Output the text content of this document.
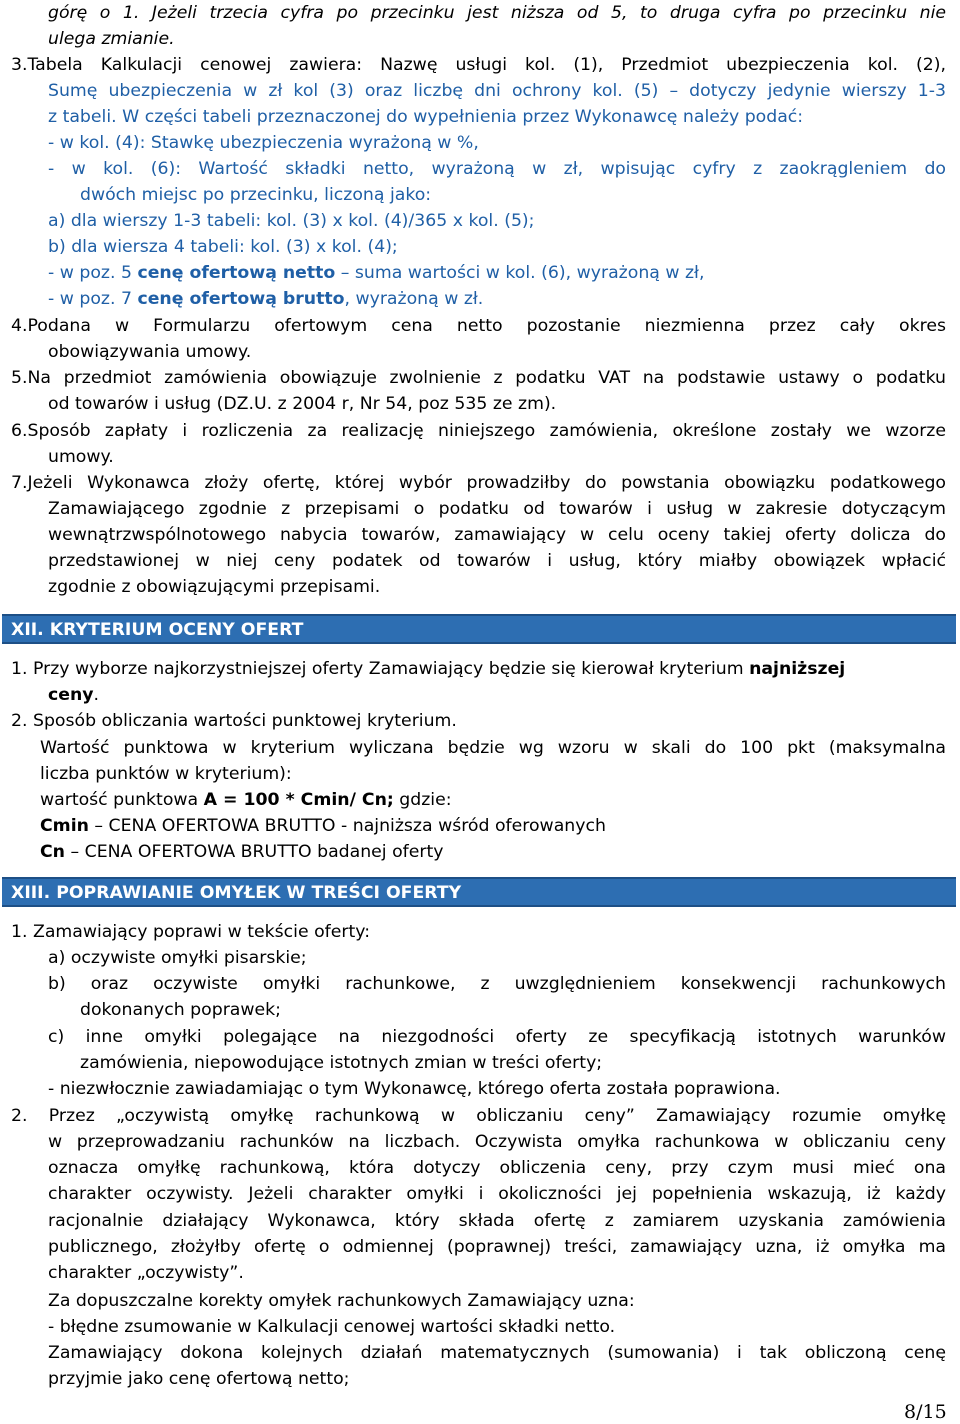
górę o 1. Jeżeli trzecia cyfra po przecinku jest niższa od 5, to druga cyfra po przecinku nie
ulega zmianie.
3.Tabela Kalkulacji cenowej zawiera: Nazwę usługi kol. (1), Przedmiot ubezpieczenia kol. (2),
Sumę ubezpieczenia w zł kol (3) oraz liczbę dni ochrony kol. (5) – dotyczy jedynie wierszy 1-3
z tabeli. W części tabeli przeznaczonej do wypełnienia przez Wykonawcę należy podać:
- w kol. (4): Stawkę ubezpieczenia wyrażoną w %,
- w kol. (6): Wartość składki netto, wyrażoną w zł, wpisując cyfry z zaokrągleniem do
dwóch miejsc po przecinku, liczoną jako:
a) dla wierszy 1-3 tabeli: kol. (3) x kol. (4)/365 x kol. (5);
b) dla wiersza 4 tabeli: kol. (3) x kol. (4);
- w poz. 5 cenę ofertową netto – suma wartości w kol. (6), wyrażoną w zł,
- w poz. 7 cenę ofertową brutto, wyrażoną w zł.
4.Podana w Formularzu ofertowym cena netto pozostanie niezmienna przez cały okres
obowiązywania umowy.
5.Na przedmiot zamówienia obowiązuje zwolnienie z podatku VAT na podstawie ustawy o podatku
od towarów i usług (DZ.U. z 2004 r, Nr 54, poz 535 ze zm).
6.Sposób zapłaty i rozliczenia za realizację niniejszego zamówienia, określone zostały we wzorze
umowy.
7.Jeżeli Wykonawca złoży ofertę, której wybór prowadziłby do powstania obowiązku podatkowego
Zamawiającego zgodnie z przepisami o podatku od towarów i usług w zakresie dotyczącym
wewnątrzwspólnotowego nabycia towarów, zamawiający w celu oceny takiej oferty dolicza do
przedstawionej w niej ceny podatek od towarów i usług, który miałby obowiązek wpłacić
zgodnie z obowiązującymi przepisami.
XII. KRYTERIUM OCENY OFERT
1. Przy wyborze najkorzystniejszej oferty Zamawiający będzie się kierował kryterium najniższej
ceny.
2. Sposób obliczania wartości punktowej kryterium.
Wartość punktowa w kryterium wyliczana będzie wg wzoru w skali do 100 pkt (maksymalna
liczba punktów w kryterium):
wartość punktowa A = 100 * Cmin/ Cn; gdzie:
Cmin – CENA OFERTOWA BRUTTO - najniższa wśród oferowanych
Cn – CENA OFERTOWA BRUTTO badanej oferty
XIII. POPRAWIANIE OMYŁEK W TREŚCI OFERTY
1. Zamawiający poprawi w tekście oferty:
a) oczywiste omyłki pisarskie;
b) oraz oczywiste omyłki rachunkowe, z uwzględnieniem konsekwencji rachunkowych
dokonanych poprawek;
c) inne omyłki polegające na niezgodności oferty ze specyfikacją istotnych warunków
zamówienia, niepowodujące istotnych zmian w treści oferty;
- niezwłocznie zawiadamiając o tym Wykonawcę, którego oferta została poprawiona.
2. Przez „oczywistą omyłkę rachunkową w obliczaniu ceny” Zamawiający rozumie omyłkę
w przeprowadzaniu rachunków na liczbach. Oczywista omyłka rachunkowa w obliczaniu ceny
oznacza omyłkę rachunkową, która dotyczy obliczenia ceny, przy czym musi mieć ona
charakter oczywisty. Jeżeli charakter omyłki i okoliczności jej popełnienia wskazują, iż każdy
racjonalnie działający Wykonawca, który składa ofertę z zamiarem uzyskania zamówienia
publicznego, złożyłby ofertę o odmiennej (poprawnej) treści, zamawiający uzna, iż omyłka ma
charakter „oczywisty”.
Za dopuszczalne korekty omyłek rachunkowych Zamawiający uzna:
- błędne zsumowanie w Kalkulacji cenowej wartości składki netto.
Zamawiający dokona kolejnych działań matematycznych (sumowania) i tak obliczoną cenę
przyjmie jako cenę ofertową netto;
8/15
